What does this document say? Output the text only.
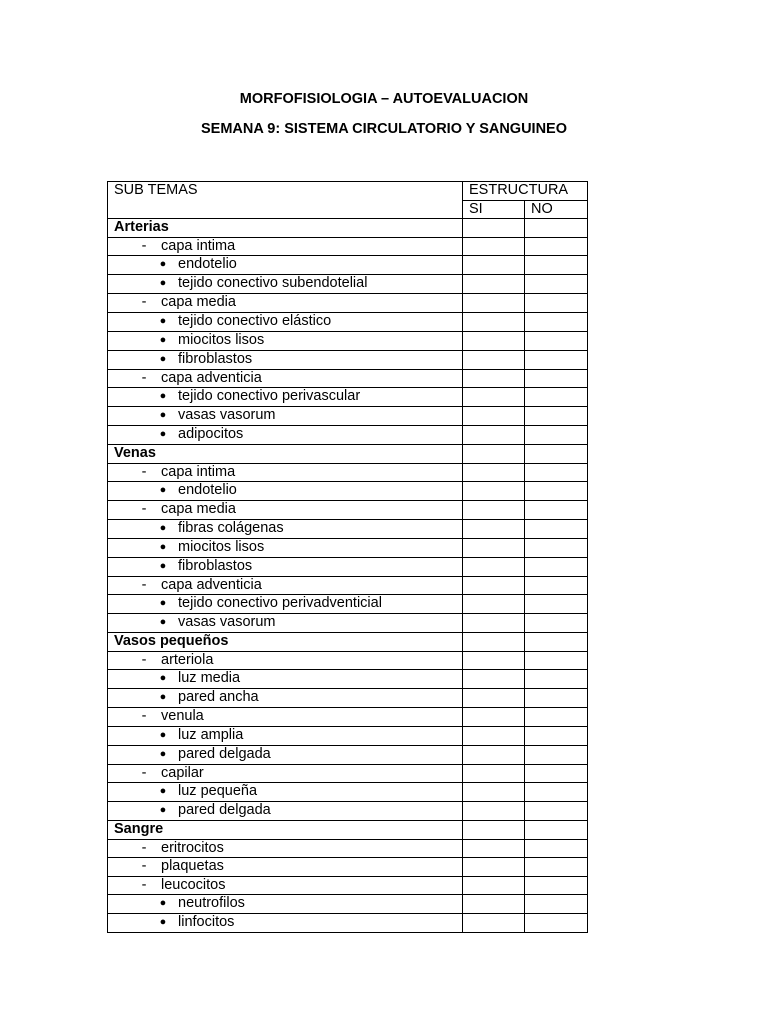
MORFOFISIOLOGIA – AUTOEVALUACION
SEMANA 9: SISTEMA CIRCULATORIO Y SANGUINEO
SUB TEMAS	ESTRUCTURA	
	SI	NO
Arterias		
- capa intima		
● endotelio		
● tejido conectivo subendotelial		
- capa media		
● tejido conectivo elástico		
● miocitos lisos		
● fibroblastos		
- capa adventicia		
● tejido conectivo perivascular		
● vasas vasorum		
● adipocitos		
Venas		
- capa intima		
● endotelio		
- capa media		
● fibras colágenas		
● miocitos lisos		
● fibroblastos		
- capa adventicia		
● tejido conectivo perivadventicial		
● vasas vasorum		
Vasos pequeños		
- arteriola		
● luz media		
● pared ancha		
- venula		
● luz amplia		
● pared delgada		
- capilar		
● luz pequeña		
● pared delgada		
Sangre		
- eritrocitos		
- plaquetas		
- leucocitos		
● neutrofilos		
● linfocitos		
